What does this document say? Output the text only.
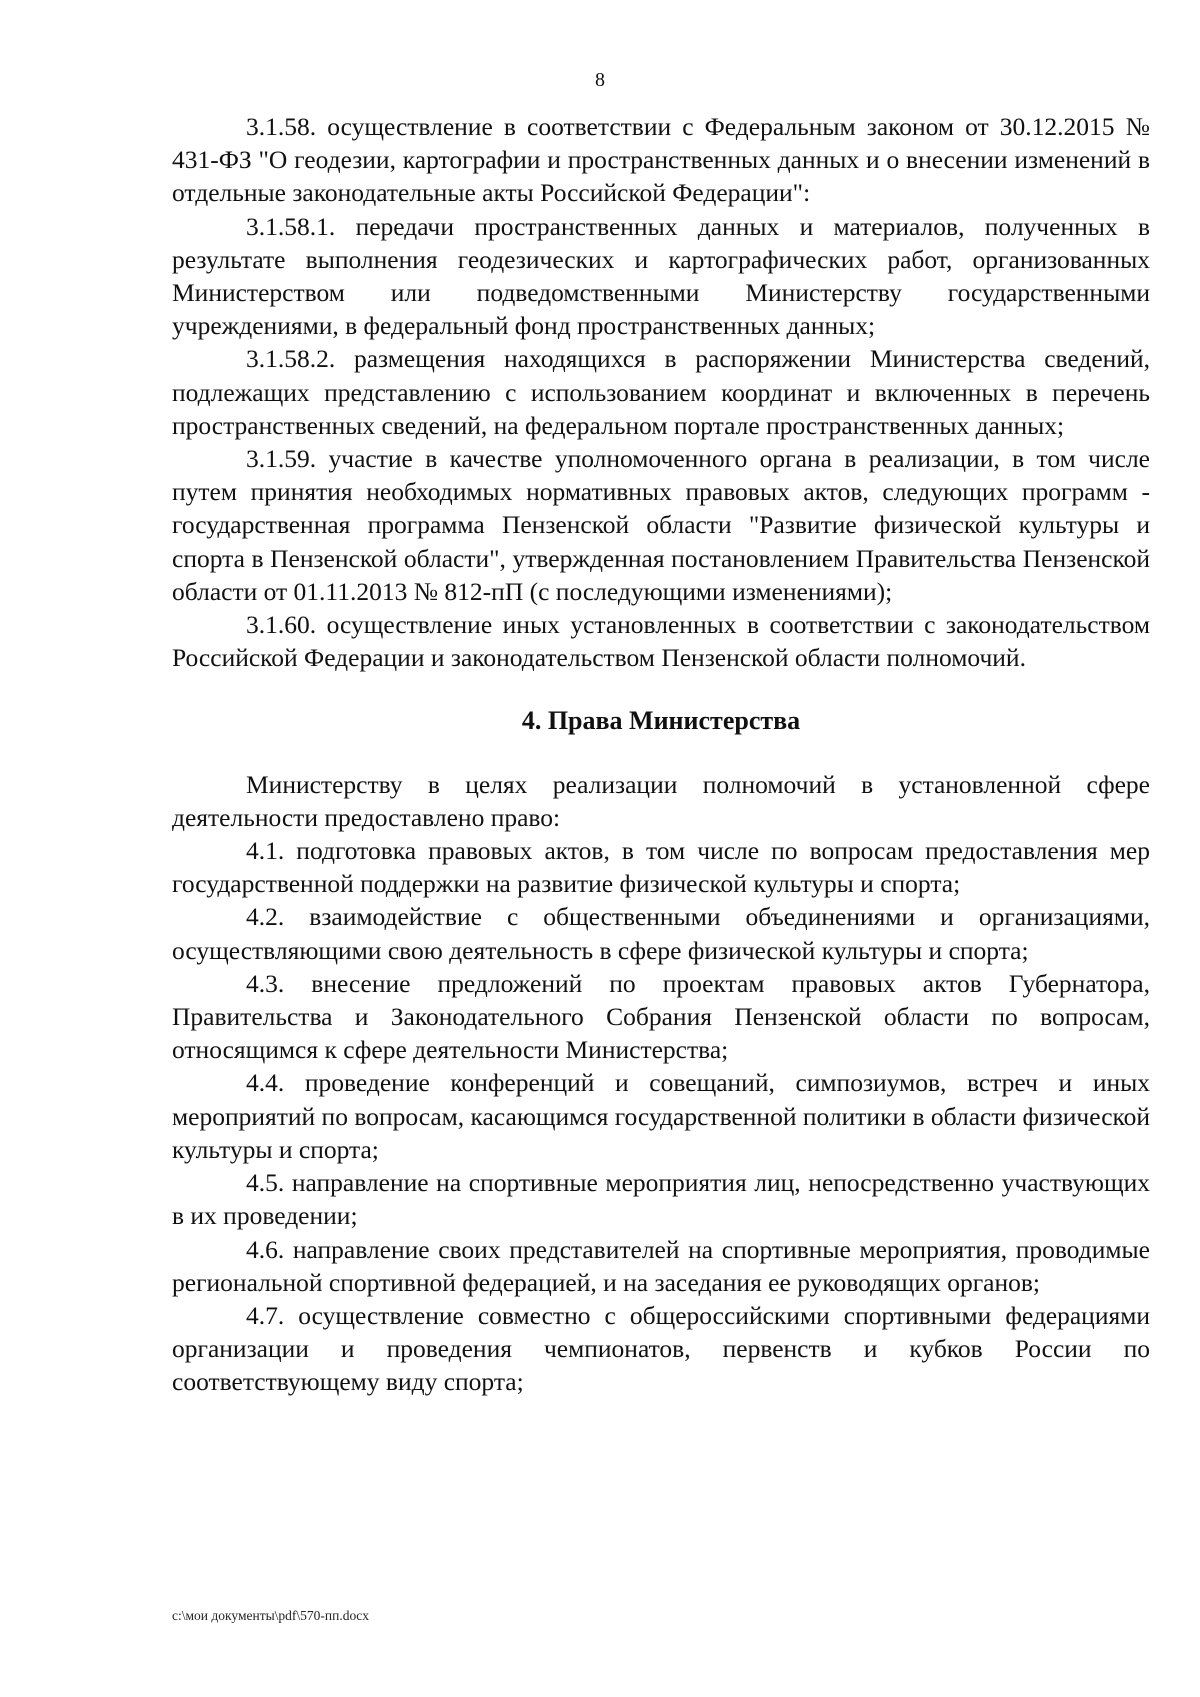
8

3.1.58. осуществление в соответствии с Федеральным законом от 30.12.2015 № 431-ФЗ "О геодезии, картографии и пространственных данных и о внесении изменений в отдельные законодательные акты Российской Федерации":

3.1.58.1. передачи пространственных данных и материалов, полученных в результате выполнения геодезических и картографических работ, организованных Министерством или подведомственными Министерству государственными учреждениями, в федеральный фонд пространственных данных;

3.1.58.2. размещения находящихся в распоряжении Министерства сведений, подлежащих представлению с использованием координат и включенных в перечень пространственных сведений, на федеральном портале пространственных данных;

3.1.59. участие в качестве уполномоченного органа в реализации, в том числе путем принятия необходимых нормативных правовых актов, следующих программ - государственная программа Пензенской области "Развитие физической культуры и спорта в Пензенской области", утвержденная постановлением Правительства Пензенской области от 01.11.2013 № 812-пП (с последующими изменениями);

3.1.60. осуществление иных установленных в соответствии с законодательством Российской Федерации и законодательством Пензенской области полномочий.

4. Права Министерства

Министерству в целях реализации полномочий в установленной сфере деятельности предоставлено право:

4.1. подготовка правовых актов, в том числе по вопросам предоставления мер государственной поддержки на развитие физической культуры и спорта;

4.2. взаимодействие с общественными объединениями и организациями, осуществляющими свою деятельность в сфере физической культуры и спорта;

4.3. внесение предложений по проектам правовых актов Губернатора, Правительства и Законодательного Собрания Пензенской области по вопросам, относящимся к сфере деятельности Министерства;

4.4. проведение конференций и совещаний, симпозиумов, встреч и иных мероприятий по вопросам, касающимся государственной политики в области физической культуры и спорта;

4.5. направление на спортивные мероприятия лиц, непосредственно участвующих в их проведении;

4.6. направление своих представителей на спортивные мероприятия, проводимые региональной спортивной федерацией, и на заседания ее руководящих органов;

4.7. осуществление совместно с общероссийскими спортивными федерациями организации и проведения чемпионатов, первенств и кубков России по соответствующему виду спорта;

c:\мои документы\pdf\570-пп.docx
